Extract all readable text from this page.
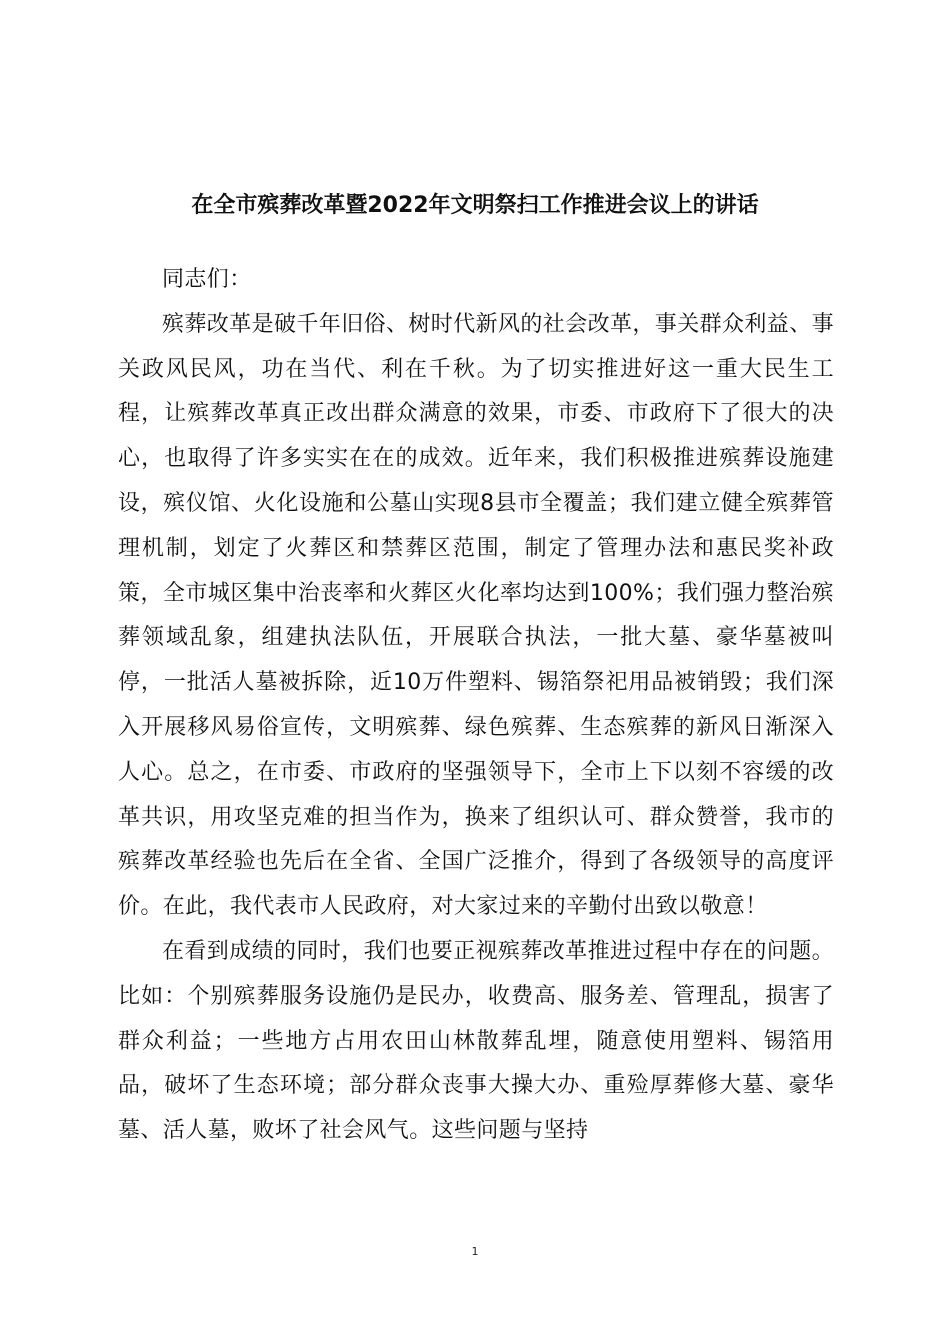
在全市殡葬改革暨2022年文明祭扫工作推进会议上的讲话

同志们：

殡葬改革是破千年旧俗、树时代新风的社会改革，事关群众利益、事关政风民风，功在当代、利在千秋。为了切实推进好这一重大民生工程，让殡葬改革真正改出群众满意的效果，市委、市政府下了很大的决心，也取得了许多实实在在的成效。近年来，我们积极推进殡葬设施建设，殡仪馆、火化设施和公墓山实现8县市全覆盖；我们建立健全殡葬管理机制，划定了火葬区和禁葬区范围，制定了管理办法和惠民奖补政策，全市城区集中治丧率和火葬区火化率均达到100%；我们强力整治殡葬领域乱象，组建执法队伍，开展联合执法，一批大墓、豪华墓被叫停，一批活人墓被拆除，近10万件塑料、锡箔祭祀用品被销毁；我们深入开展移风易俗宣传，文明殡葬、绿色殡葬、生态殡葬的新风日渐深入人心。总之，在市委、市政府的坚强领导下，全市上下以刻不容缓的改革共识，用攻坚克难的担当作为，换来了组织认可、群众赞誉，我市的殡葬改革经验也先后在全省、全国广泛推介，得到了各级领导的高度评价。在此，我代表市人民政府，对大家过来的辛勤付出致以敬意！

在看到成绩的同时，我们也要正视殡葬改革推进过程中存在的问题。比如：个别殡葬服务设施仍是民办，收费高、服务差、管理乱，损害了群众利益；一些地方占用农田山林散葬乱埋，随意使用塑料、锡箔用品，破坏了生态环境；部分群众丧事大操大办、重殓厚葬修大墓、豪华墓、活人墓，败坏了社会风气。这些问题与坚持

1
